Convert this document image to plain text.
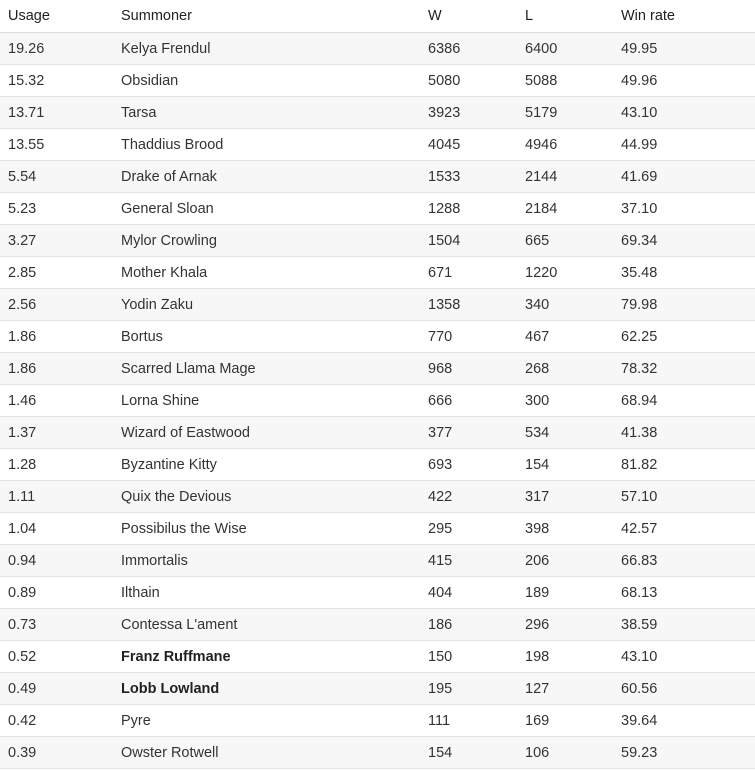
Usage	Summoner	W	L	Win rate
19.26	Kelya Frendul	6386	6400	49.95
15.32	Obsidian	5080	5088	49.96
13.71	Tarsa	3923	5179	43.10
13.55	Thaddius Brood	4045	4946	44.99
5.54	Drake of Arnak	1533	2144	41.69
5.23	General Sloan	1288	2184	37.10
3.27	Mylor Crowling	1504	665	69.34
2.85	Mother Khala	671	1220	35.48
2.56	Yodin Zaku	1358	340	79.98
1.86	Bortus	770	467	62.25
1.86	Scarred Llama Mage	968	268	78.32
1.46	Lorna Shine	666	300	68.94
1.37	Wizard of Eastwood	377	534	41.38
1.28	Byzantine Kitty	693	154	81.82
1.11	Quix the Devious	422	317	57.10
1.04	Possibilus the Wise	295	398	42.57
0.94	Immortalis	415	206	66.83
0.89	Ilthain	404	189	68.13
0.73	Contessa L'ament	186	296	38.59
0.52	Franz Ruffmane	150	198	43.10
0.49	Lobb Lowland	195	127	60.56
0.42	Pyre	111	169	39.64
0.39	Owster Rotwell	154	106	59.23
